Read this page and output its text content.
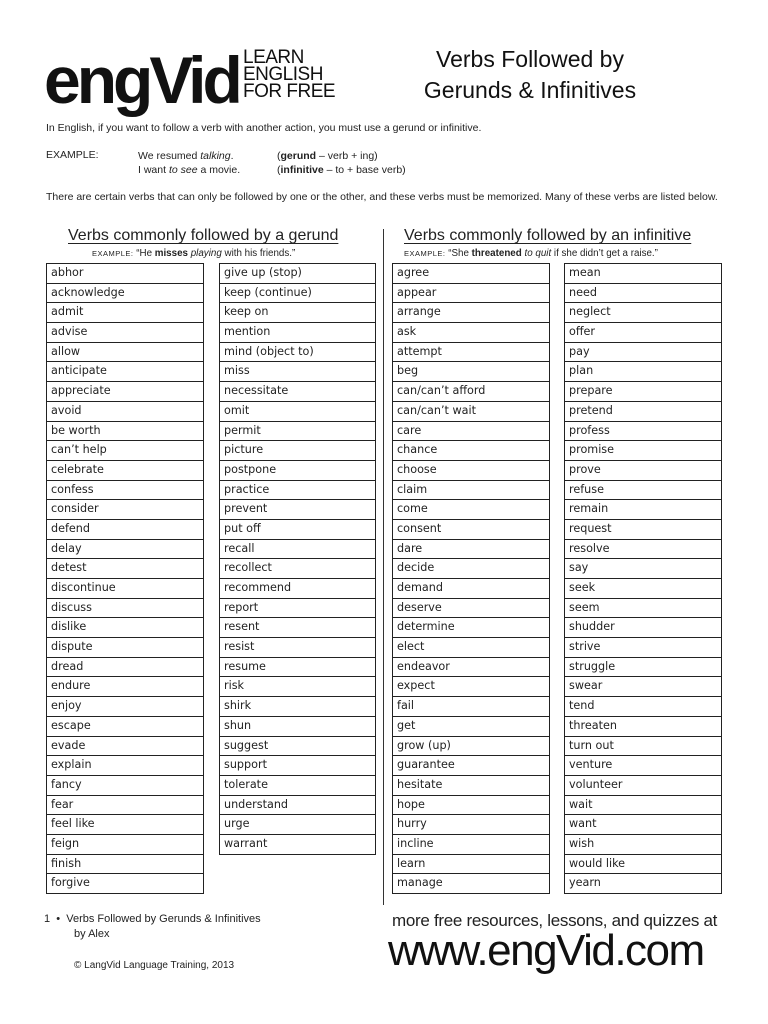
engVid LEARN
ENGLISH
FOR FREE
Verbs Followed by
Gerunds & Infinitives
In English, if you want to follow a verb with another action, you must use a gerund or infinitive.
EXAMPLE:	We resumed talking.
I want to see a movie.
(gerund – verb + ing)
(infinitive – to + base verb)
There are certain verbs that can only be followed by one or the other, and these verbs must be memorized. Many of these verbs are listed below.
Verbs commonly followed by a gerund
EXAMPLE: “He misses playing with his friends.”
Verbs commonly followed by an infinitive
EXAMPLE: “She threatened to quit if she didn’t get a raise.”
abhor
acknowledge
admit
advise
allow
anticipate
appreciate
avoid
be worth
can’t help
celebrate
confess
consider
defend
delay
detest
discontinue
discuss
dislike
dispute
dread
endure
enjoy
escape
evade
explain
fancy
fear
feel like
feign
finish
forgive
give up (stop)
keep (continue)
keep on
mention
mind (object to)
miss
necessitate
omit
permit
picture
postpone
practice
prevent
put off
recall
recollect
recommend
report
resent
resist
resume
risk
shirk
shun
suggest
support
tolerate
understand
urge
warrant
agree
appear
arrange
ask
attempt
beg
can/can’t afford
can/can’t wait
care
chance
choose
claim
come
consent
dare
decide
demand
deserve
determine
elect
endeavor
expect
fail
get
grow (up)
guarantee
hesitate
hope
hurry
incline
learn
manage
mean
need
neglect
offer
pay
plan
prepare
pretend
profess
promise
prove
refuse
remain
request
resolve
say
seek
seem
shudder
strive
struggle
swear
tend
threaten
turn out
venture
volunteer
wait
want
wish
would like
yearn
1 • Verbs Followed by Gerunds & Infinitives
by Alex
© LangVid Language Training, 2013
more free resources, lessons, and quizzes at
www.engVid.com
